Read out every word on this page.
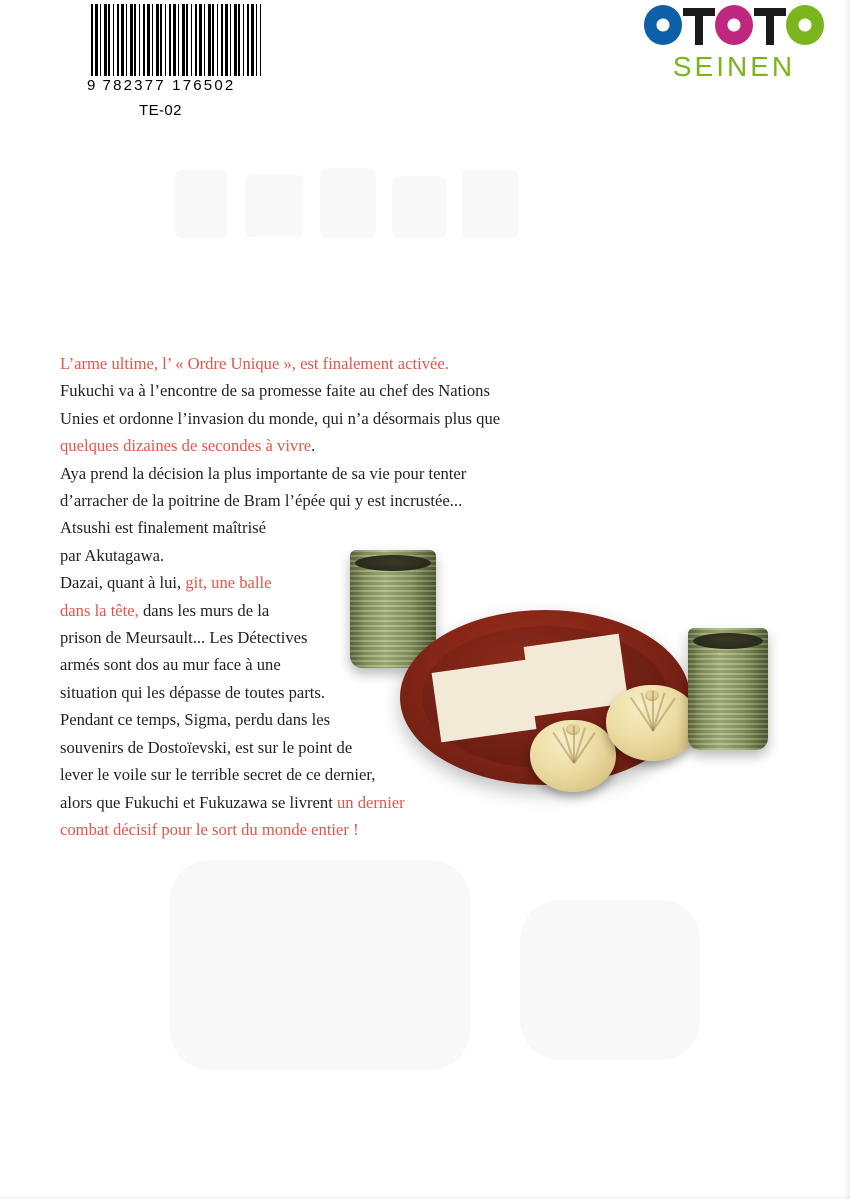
9 782377 176502
TE-02
SEINEN

L’arme ultime, l’ « Ordre Unique », est finalement activée.

Fukuchi va à l’encontre de sa promesse faite au chef des Nations

Unies et ordonne l’invasion du monde, qui n’a désormais plus que

quelques dizaines de secondes à vivre.

Aya prend la décision la plus importante de sa vie pour tenter

d’arracher de la poitrine de Bram l’épée qui y est incrustée...

Atsushi est finalement maîtrisé

par Akutagawa.

Dazai, quant à lui, git, une balle

dans la tête, dans les murs de la

prison de Meursault... Les Détectives

armés sont dos au mur face à une

situation qui les dépasse de toutes parts.

Pendant ce temps, Sigma, perdu dans les

souvenirs de Dostoïevski, est sur le point de

lever le voile sur le terrible secret de ce dernier,

alors que Fukuchi et Fukuzawa se livrent un dernier

combat décisif pour le sort du monde entier !
